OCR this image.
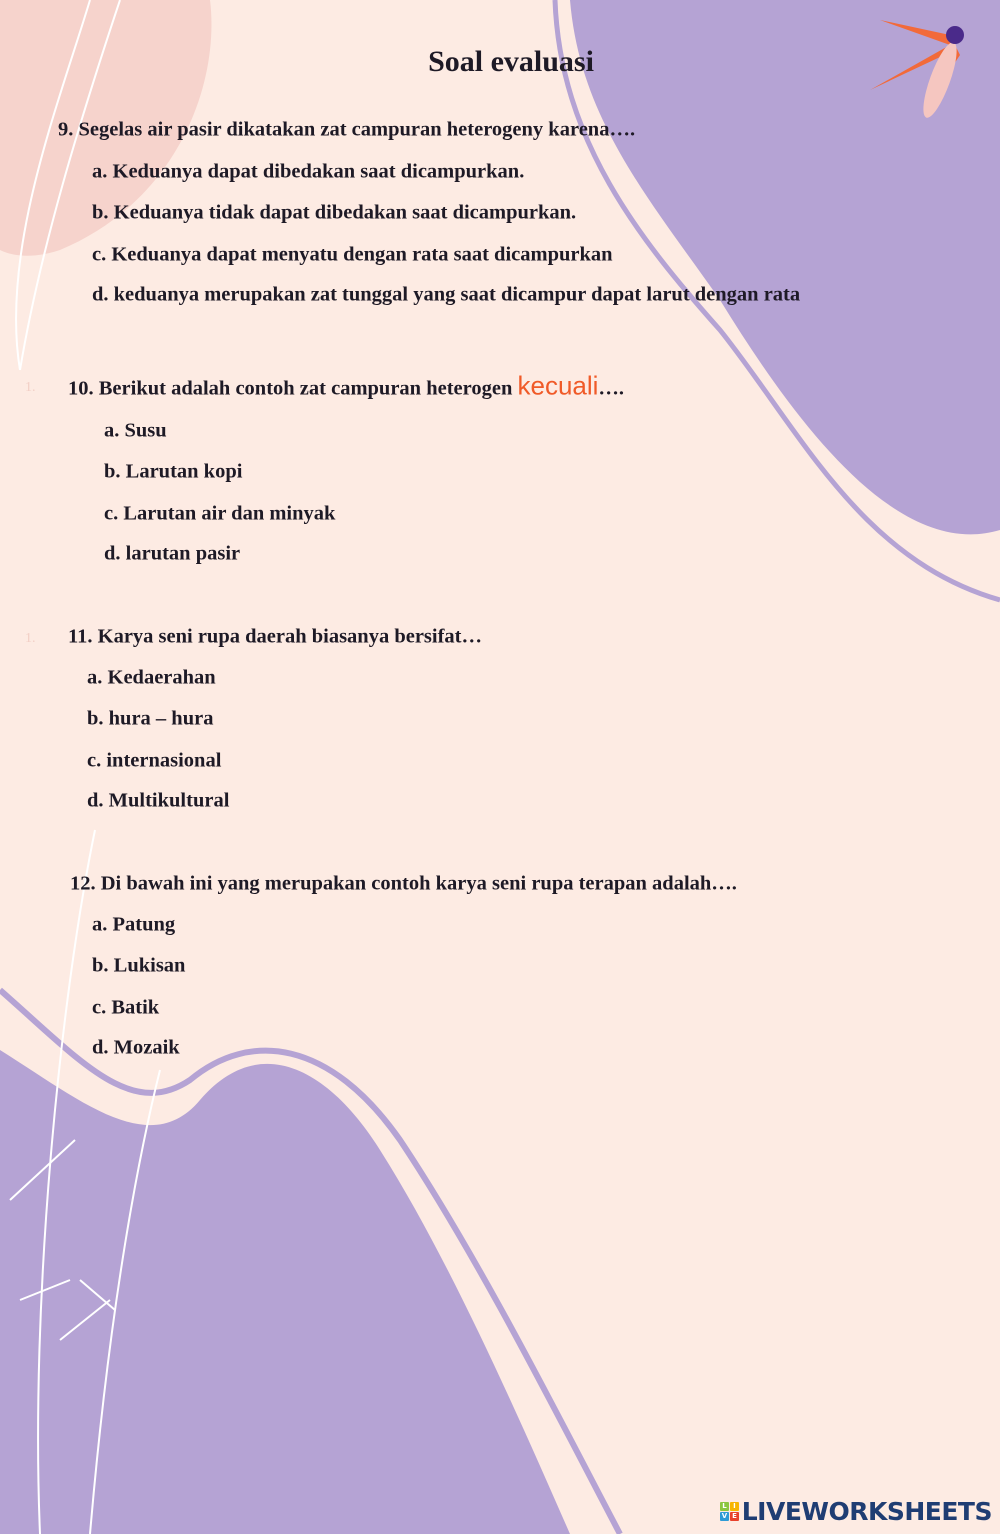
Soal evaluasi
9. Segelas air pasir dikatakan zat campuran heterogeny karena….
a. Keduanya dapat dibedakan saat dicampurkan.
b. Keduanya tidak dapat dibedakan saat dicampurkan.
c. Keduanya dapat menyatu dengan rata saat dicampurkan
d. keduanya merupakan zat tunggal yang saat dicampur dapat larut dengan rata
1. 10. Berikut adalah contoh zat campuran heterogen kecuali….
a. Susu
b. Larutan kopi
c. Larutan air dan minyak
d. larutan pasir
1. 11. Karya seni rupa daerah biasanya bersifat…
a. Kedaerahan
b. hura – hura
c. internasional
d. Multikultural
12. Di bawah ini yang merupakan contoh karya seni rupa terapan adalah….
a. Patung
b. Lukisan
c. Batik
d. Mozaik
L I
V E LIVEWORKSHEETS
